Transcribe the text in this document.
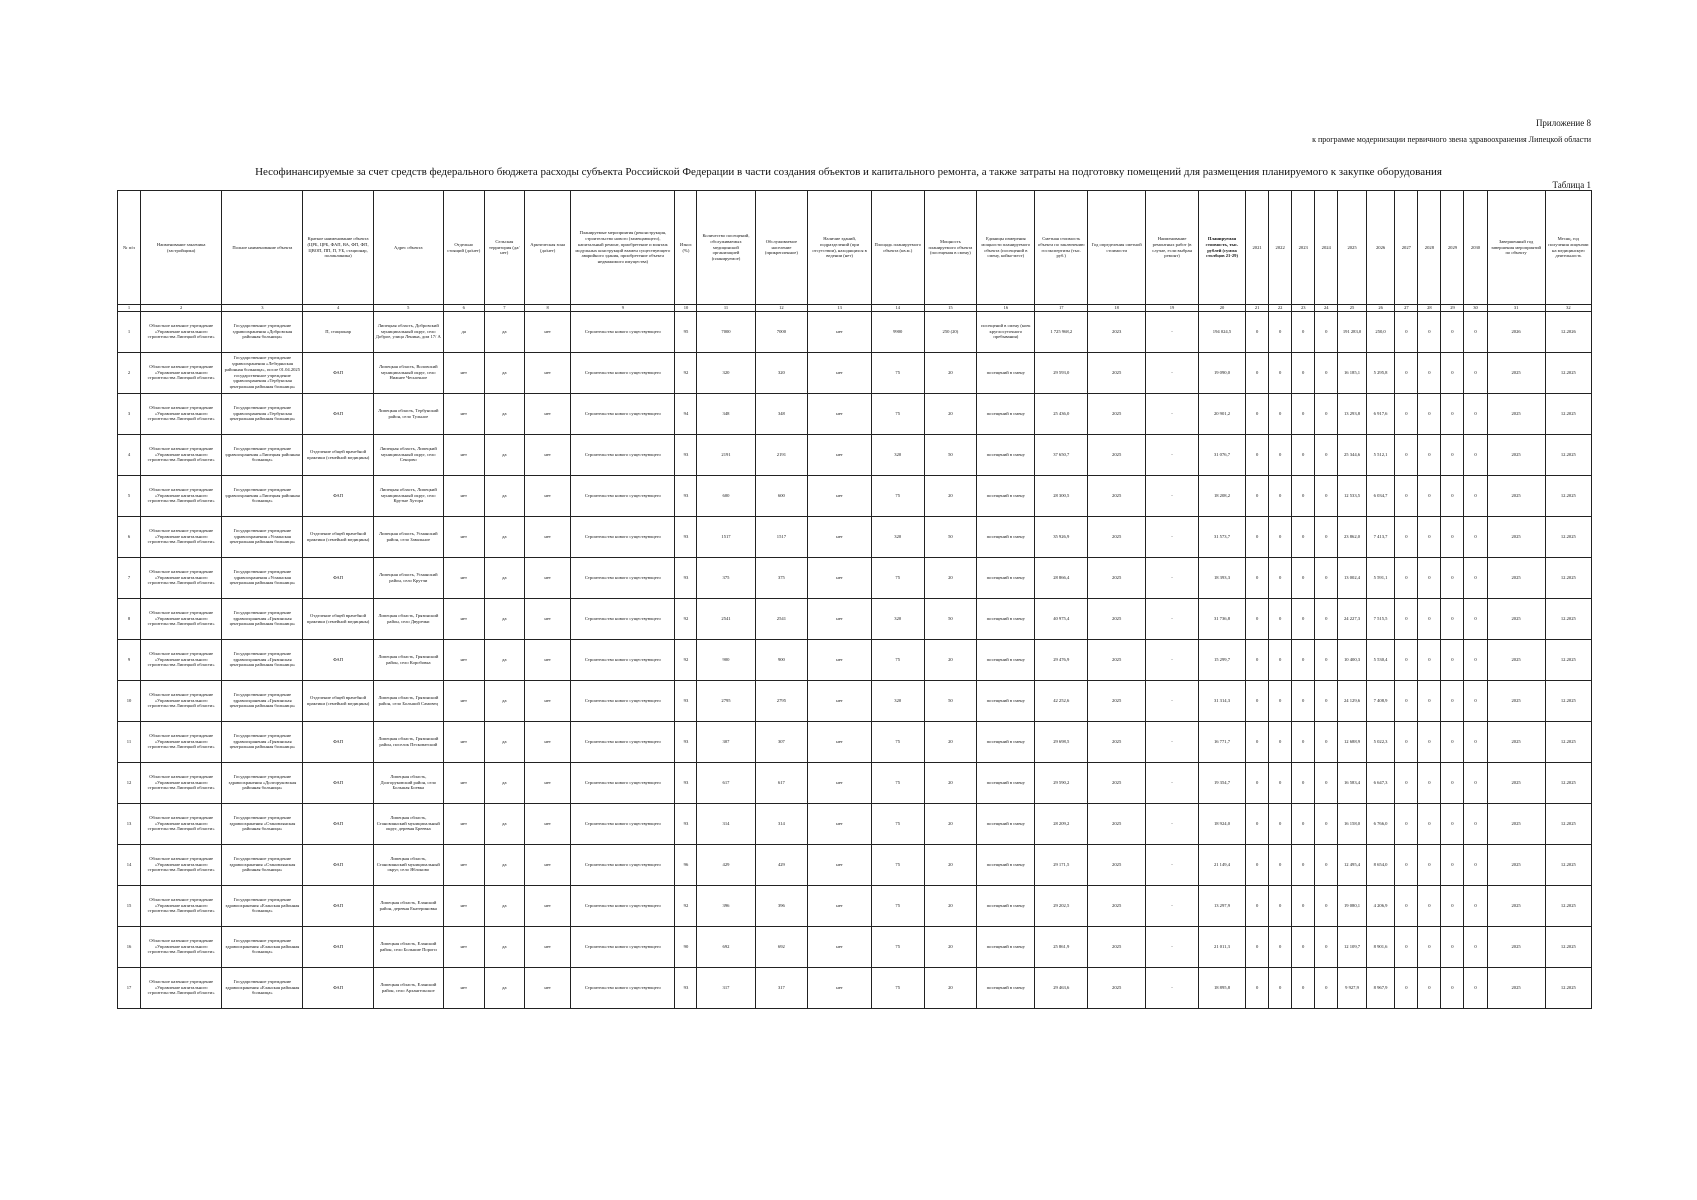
Приложение 8
к программе модернизации первичного звена здравоохранения Липецкой области
Несофинансируемые за счет средств федерального бюджета расходы субъекта Российской Федерации в части создания объектов и капитального ремонта, а также затраты на подготовку помещений для размещения планируемого к закупке оборудования
Таблица 1
№ п/п	Наименование заказчика (застройщика)	Полное наименование объекта	Краткое наименование объекта (ЦРБ, ЦРБ, ФАП, ВА, ФП, ФП, ЦВОП, ПП, П, УБ, стационар, поликлиника)	Адрес объекта	Отдельно стоящий (да/нет)	Сельская территория (да/нет)	Арктическая зона (да/нет)	Планируемые мероприятия (реконструкция, строительство нового (замещающего), капитальный ремонт, приобретение и монтаж модульных конструкций взамен существующего аварийного здания, приобретение объекта недвижимого имущества)	Износ (%)	Количество посещений, обслуживаемых медицинской организацией (планируемое)	Обслуживаемое население (прикрепленное)	Наличие зданий, подразделений (при отсутствии), находящихся в ведении (нет)	Площадь планируемого объекта (кв.м.)	Мощность планируемого объекта (посещения в смену)	Единицы измерения мощности планируемого объекта (посещений в смену, койко-мест)	Сметная стоимость объекта по заключению госэкспертизы (тыс. руб.)	Год определения сметной стоимости	Наименование ремонтных работ (в случае, если выбран ремонт)	Планируемая стоимость, тыс. рублей (сумма столбцов 21-29)	2021	2022	2023	2024	2025	2026	2027	2028	2029	2030	Завершенный год завершения мероприятий по объекту	Месяц, год получения лицензии на медицинскую деятельность
1	2	3	4	5	6	7	8	9	10	11	12	13	14	15	16	17	18	19	20	21	22	23	24	25	26	27	28	29	30	31	32
1	Областное казенное учреждение «Управление капитального строительства Липецкой области»	Государственное учреждение здравоохранения «Добровская районная больница»	П, стационар	Липецкая область, Добровский муниципальный округ, село Доброе, улица Ленина, дом 17/ А	да	да	нет	Строительство нового существующего	95	7000	7000	нет	9900	250 (20)	посещений в смену (коек круглосуточного пребывания)	1 725 968,2	2023	-	194 024,5	0	0	0	0	191 283,0	250,0	0	0	0	0	2026	12.2026
2	Областное казенное учреждение «Управление капитального строительства Липецкой области»	Государственное учреждение здравоохранения «Лебедянская районная больница», после 01.04.2025 государственное учреждение здравоохранения «Тербунская центральная районная больница»	ФАП	Липецкая область, Воловский муниципальный округ, село Нижнее Чесночное	нет	да	нет	Строительство нового существующего	92	320	320	нет	75	20	посещений в смену	29 593,0	2025	-	19 090,0	0	0	0	0	16 185,1	5 295,8	0	0	0	0	2025	12.2025
3	Областное казенное учреждение «Управление капитального строительства Липецкой области»	Государственное учреждение здравоохранения «Тербунская центральная районная больница»	ФАП	Липецкая область, Тербунский район, село Тульное	нет	да	нет	Строительство нового существующего	94	348	348	нет	75	20	посещений в смену	25 436,0	2025	-	20 901,2	0	0	0	0	13 293,8	6 917,6	0	0	0	0	2025	12.2025
4	Областное казенное учреждение «Управление капитального строительства Липецкой области»	Государственное учреждение здравоохранения «Липецкая районная больница»	Отделение общей врачебной практики (семейной медицины)	Липецкая область, Липецкий муниципальный округ, село Сенцово	нет	да	нет	Строительство нового существующего	93	2191	2191	нет	320	50	посещений в смену	37 650,7	2025	-	31 076,7	0	0	0	0	25 344,6	5 512,1	0	0	0	0	2025	12.2025
5	Областное казенное учреждение «Управление капитального строительства Липецкой области»	Государственное учреждение здравоохранения «Липецкая районная больница»	ФАП	Липецкая область, Липецкий муниципальный округ, село Крутые Хутора	нет	да	нет	Строительство нового существующего	93	600	600	нет	75	20	посещений в смену	28 300,5	2025	-	18 208,2	0	0	0	0	12 533,5	6 034,7	0	0	0	0	2025	12.2025
6	Областное казенное учреждение «Управление капитального строительства Липецкой области»	Государственное учреждение здравоохранения «Усманская центральная районная больница»	Отделение общей врачебной практики (семейной медицины)	Липецкая область, Усманский район, село Завальное	нет	да	нет	Строительство нового существующего	93	1517	1517	нет	320	50	посещений в смену	35 926,9	2025	-	31 573,7	0	0	0	0	23 862,0	7 413,7	0	0	0	0	2025	12.2025
7	Областное казенное учреждение «Управление капитального строительства Липецкой области»	Государственное учреждение здравоохранения «Усманская центральная районная больница»	ФАП	Липецкая область, Усманский район, село Крутчи	нет	да	нет	Строительство нового существующего	93	375	375	нет	75	20	посещений в смену	28 866,4	2025	-	18 393,3	0	0	0	0	13 002,4	5 591,1	0	0	0	0	2025	12.2025
8	Областное казенное учреждение «Управление капитального строительства Липецкой области»	Государственное учреждение здравоохранения «Грязинская центральная районная больница»	Отделение общей врачебной практики (семейной медицины)	Липецкая область, Грязинский район, село Двуречки	нет	да	нет	Строительство нового существующего	92	2541	2541	нет	320	50	посещений в смену	40 975,4	2025	-	31 736,8	0	0	0	0	24 227,3	7 515,5	0	0	0	0	2025	12.2025
9	Областное казенное учреждение «Управление капитального строительства Липецкой области»	Государственное учреждение здравоохранения «Грязинская центральная районная больница»	ФАП	Липецкая область, Грязинский район, село Коробовка	нет	да	нет	Строительство нового существующего	92	900	900	нет	75	20	посещений в смену	29 476,9	2025	-	15 299,7	0	0	0	0	10 400,3	5 530,4	0	0	0	0	2025	12.2025
10	Областное казенное учреждение «Управление капитального строительства Липецкой области»	Государственное учреждение здравоохранения «Грязинская центральная районная больница»	Отделение общей врачебной практики (семейной медицины)	Липецкая область, Грязинский район, село Большой Самовец	нет	да	нет	Строительство нового существующего	93	2795	2795	нет	320	50	посещений в смену	42 252,6	2025	-	31 314,3	0	0	0	0	24 129,6	7 408,9	0	0	0	0	2025	12.2025
11	Областное казенное учреждение «Управление капитального строительства Липецкой области»	Государственное учреждение здравоохранения «Грязинская центральная районная больница»	ФАП	Липецкая область, Грязинский район, поселок Песковатский	нет	да	нет	Строительство нового существующего	93	307	307	нет	75	20	посещений в смену	29 698,5	2025	-	16 771,7	0	0	0	0	12 688,9	5 022,3	0	0	0	0	2025	12.2025
12	Областное казенное учреждение «Управление капитального строительства Липецкой области»	Государственное учреждение здравоохранения «Долгоруковская районная больница»	ФАП	Липецкая область, Долгоруковский район, село Большая Боевка	нет	да	нет	Строительство нового существующего	93	617	617	нет	75	20	посещений в смену	29 590,2	2025	-	19 354,7	0	0	0	0	16 583,4	6 647,3	0	0	0	0	2025	12.2025
13	Областное казенное учреждение «Управление капитального строительства Липецкой области»	Государственное учреждение здравоохранения «Становлянская районная больница»	ФАП	Липецкая область, Становлянский муниципальный округ, деревня Бреевка	нет	да	нет	Строительство нового существующего	93	314	314	нет	75	20	посещений в смену	28 209,2	2025	-	18 924,0	0	0	0	0	16 158,0	6 766,0	0	0	0	0	2025	12.2025
14	Областное казенное учреждение «Управление капитального строительства Липецкой области»	Государственное учреждение здравоохранения «Становлянская районная больница»	ФАП	Липецкая область, Становлянский муниципальный округ, село Яблоново	нет	да	нет	Строительство нового существующего	96	429	429	нет	75	20	посещений в смену	29 171,5	2025	-	21 149,4	0	0	0	0	12 495,4	8 654,0	0	0	0	0	2025	12.2025
15	Областное казенное учреждение «Управление капитального строительства Липецкой области»	Государственное учреждение здравоохранения «Еланская районная больница»	ФАП	Липецкая область, Еланский район, деревня Екатериновка	нет	да	нет	Строительство нового существующего	92	396	396	нет	75	20	посещений в смену	29 202,5	2025	-	13 297,9	0	0	0	0	19 080,1	4 206,9	0	0	0	0	2025	12.2025
16	Областное казенное учреждение «Управление капитального строительства Липецкой области»	Государственное учреждение здравоохранения «Еланская районная больница»	ФАП	Липецкая область, Еланский район, село Большие Пороги	нет	да	нет	Строительство нового существующего	90	692	692	нет	75	20	посещений в смену	25 861,9	2025	-	21 011,3	0	0	0	0	12 109,7	8 901,6	0	0	0	0	2025	12.2025
17	Областное казенное учреждение «Управление капитального строительства Липецкой области»	Государственное учреждение здравоохранения «Еланская районная больница»	ФАП	Липецкая область, Еланский район, село Архангельское	нет	да	нет	Строительство нового существующего	93	317	317	нет	75	20	посещений в смену	29 463,6	2025	-	18 895,8	0	0	0	0	9 927,9	8 967,9	0	0	0	0	2025	12.2025
